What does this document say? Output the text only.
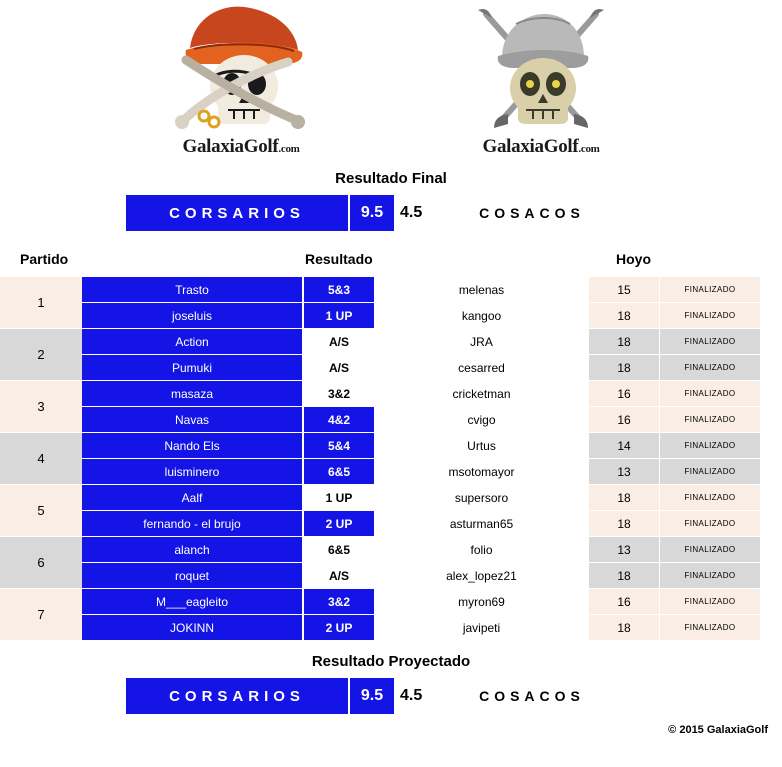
GalaxiaGolf.com	GalaxiaGolf.com
Resultado Final
CORSARIOS	9.5	4.5	COSACOS
Partido	Resultado	Hoyo
1
Trasto	5&3	melenas	15	FINALIZADO
joseluis	1 UP	kangoo	18	FINALIZADO
2
Action	A/S	JRA	18	FINALIZADO
Pumuki	A/S	cesarred	18	FINALIZADO
3
masaza	3&2	cricketman	16	FINALIZADO
Navas	4&2	cvigo	16	FINALIZADO
4
Nando Els	5&4	Urtus	14	FINALIZADO
luisminero	6&5	msotomayor	13	FINALIZADO
5
Aalf	1 UP	supersoro	18	FINALIZADO
fernando - el brujo	2 UP	asturman65	18	FINALIZADO
6
alanch	6&5	folio	13	FINALIZADO
roquet	A/S	alex_lopez21	18	FINALIZADO
7
M___eagleito	3&2	myron69	16	FINALIZADO
JOKINN	2 UP	javipeti	18	FINALIZADO
Resultado Proyectado
CORSARIOS	9.5	4.5	COSACOS
© 2015 GalaxiaGolf
